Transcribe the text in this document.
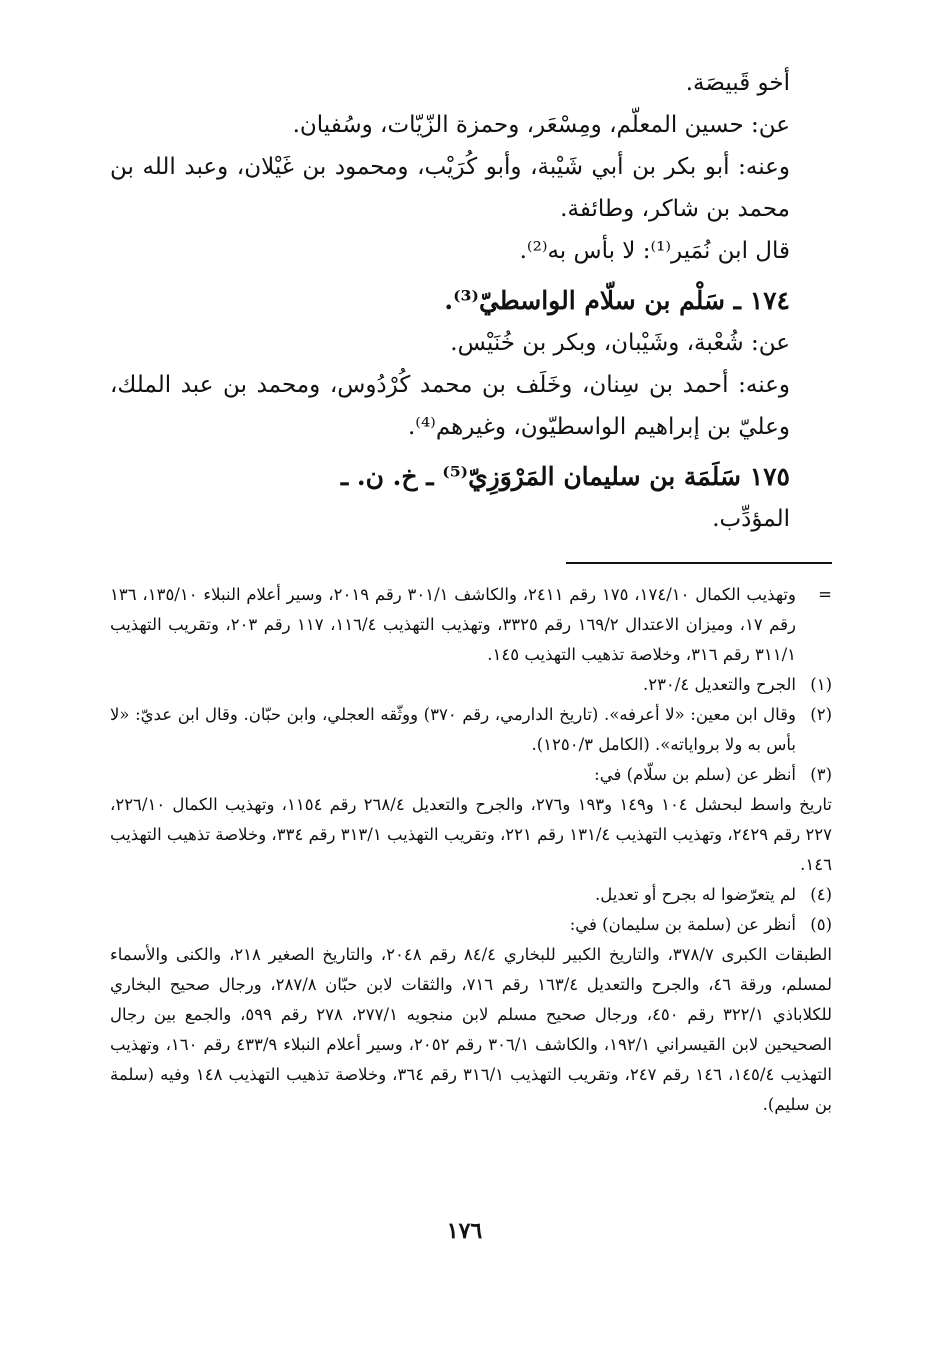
أخو قَبيصَة.

عن: حسين المعلّم، ومِسْعَر، وحمزة الزّيّات، وسُفيان.

وعنه: أبو بكر بن أبي شَيْبة، وأبو كُرَيْب، ومحمود بن غَيْلان، وعبد الله بن محمد بن شاكر، وطائفة.

قال ابن نُمَير⁽¹⁾: لا بأس به⁽²⁾.

١٧٤ ـ سَلْم بن سلّام الواسطيّ⁽³⁾.

عن: شُعْبة، وشَيْبان، وبكر بن خُنَيْس.

وعنه: أحمد بن سِنان، وخَلَف بن محمد كُرْدُوس، ومحمد بن عبد الملك، وعليّ بن إبراهيم الواسطيّون، وغيرهم⁽⁴⁾.

١٧٥ سَلَمَة بن سليمان المَرْوَزِيّ⁽⁵⁾ ـ خ. ن. ـ

المؤدِّب.

=
وتهذيب الكمال ١٧٤/١٠، ١٧٥ رقم ٢٤١١، والكاشف ٣٠١/١ رقم ٢٠١٩، وسير أعلام النبلاء ١٣٥/١٠، ١٣٦ رقم ١٧، وميزان الاعتدال ١٦٩/٢ رقم ٣٣٢٥، وتهذيب التهذيب ١١٦/٤، ١١٧ رقم ٢٠٣، وتقريب التهذيب ٣١١/١ رقم ٣١٦، وخلاصة تذهيب التهذيب ١٤٥.
(١)
الجرح والتعديل ٢٣٠/٤.
(٢)
وقال ابن معين: «لا أعرفه». (تاريخ الدارمي، رقم ٣٧٠) ووثّقه العجلي، وابن حبّان. وقال ابن عديّ: «لا بأس به ولا برواياته». (الكامل ١٢٥٠/٣).
(٣)
أنظر عن (سلم بن سلّام) في:
تاريخ واسط لبحشل ١٠٤ و١٤٩ و١٩٣ و٢٧٦، والجرح والتعديل ٢٦٨/٤ رقم ١١٥٤، وتهذيب الكمال ٢٢٦/١٠، ٢٢٧ رقم ٢٤٢٩، وتهذيب التهذيب ١٣١/٤ رقم ٢٢١، وتقريب التهذيب ٣١٣/١ رقم ٣٣٤، وخلاصة تذهيب التهذيب ١٤٦.
(٤)
لم يتعرّضوا له بجرح أو تعديل.
(٥)
أنظر عن (سلمة بن سليمان) في:
الطبقات الكبرى ٣٧٨/٧، والتاريخ الكبير للبخاري ٨٤/٤ رقم ٢٠٤٨، والتاريخ الصغير ٢١٨، والكنى والأسماء لمسلم، ورقة ٤٦، والجرح والتعديل ١٦٣/٤ رقم ٧١٦، والثقات لابن حبّان ٢٨٧/٨، ورجال صحيح البخاري للكلاباذي ٣٢٢/١ رقم ٤٥٠، ورجال صحيح مسلم لابن منجويه ٢٧٧/١، ٢٧٨ رقم ٥٩٩، والجمع بين رجال الصحيحين لابن القيسراني ١٩٢/١، والكاشف ٣٠٦/١ رقم ٢٠٥٢، وسير أعلام النبلاء ٤٣٣/٩ رقم ١٦٠، وتهذيب التهذيب ١٤٥/٤، ١٤٦ رقم ٢٤٧، وتقريب التهذيب ٣١٦/١ رقم ٣٦٤، وخلاصة تذهيب التهذيب ١٤٨ وفيه (سلمة بن سليم).
١٧٦
